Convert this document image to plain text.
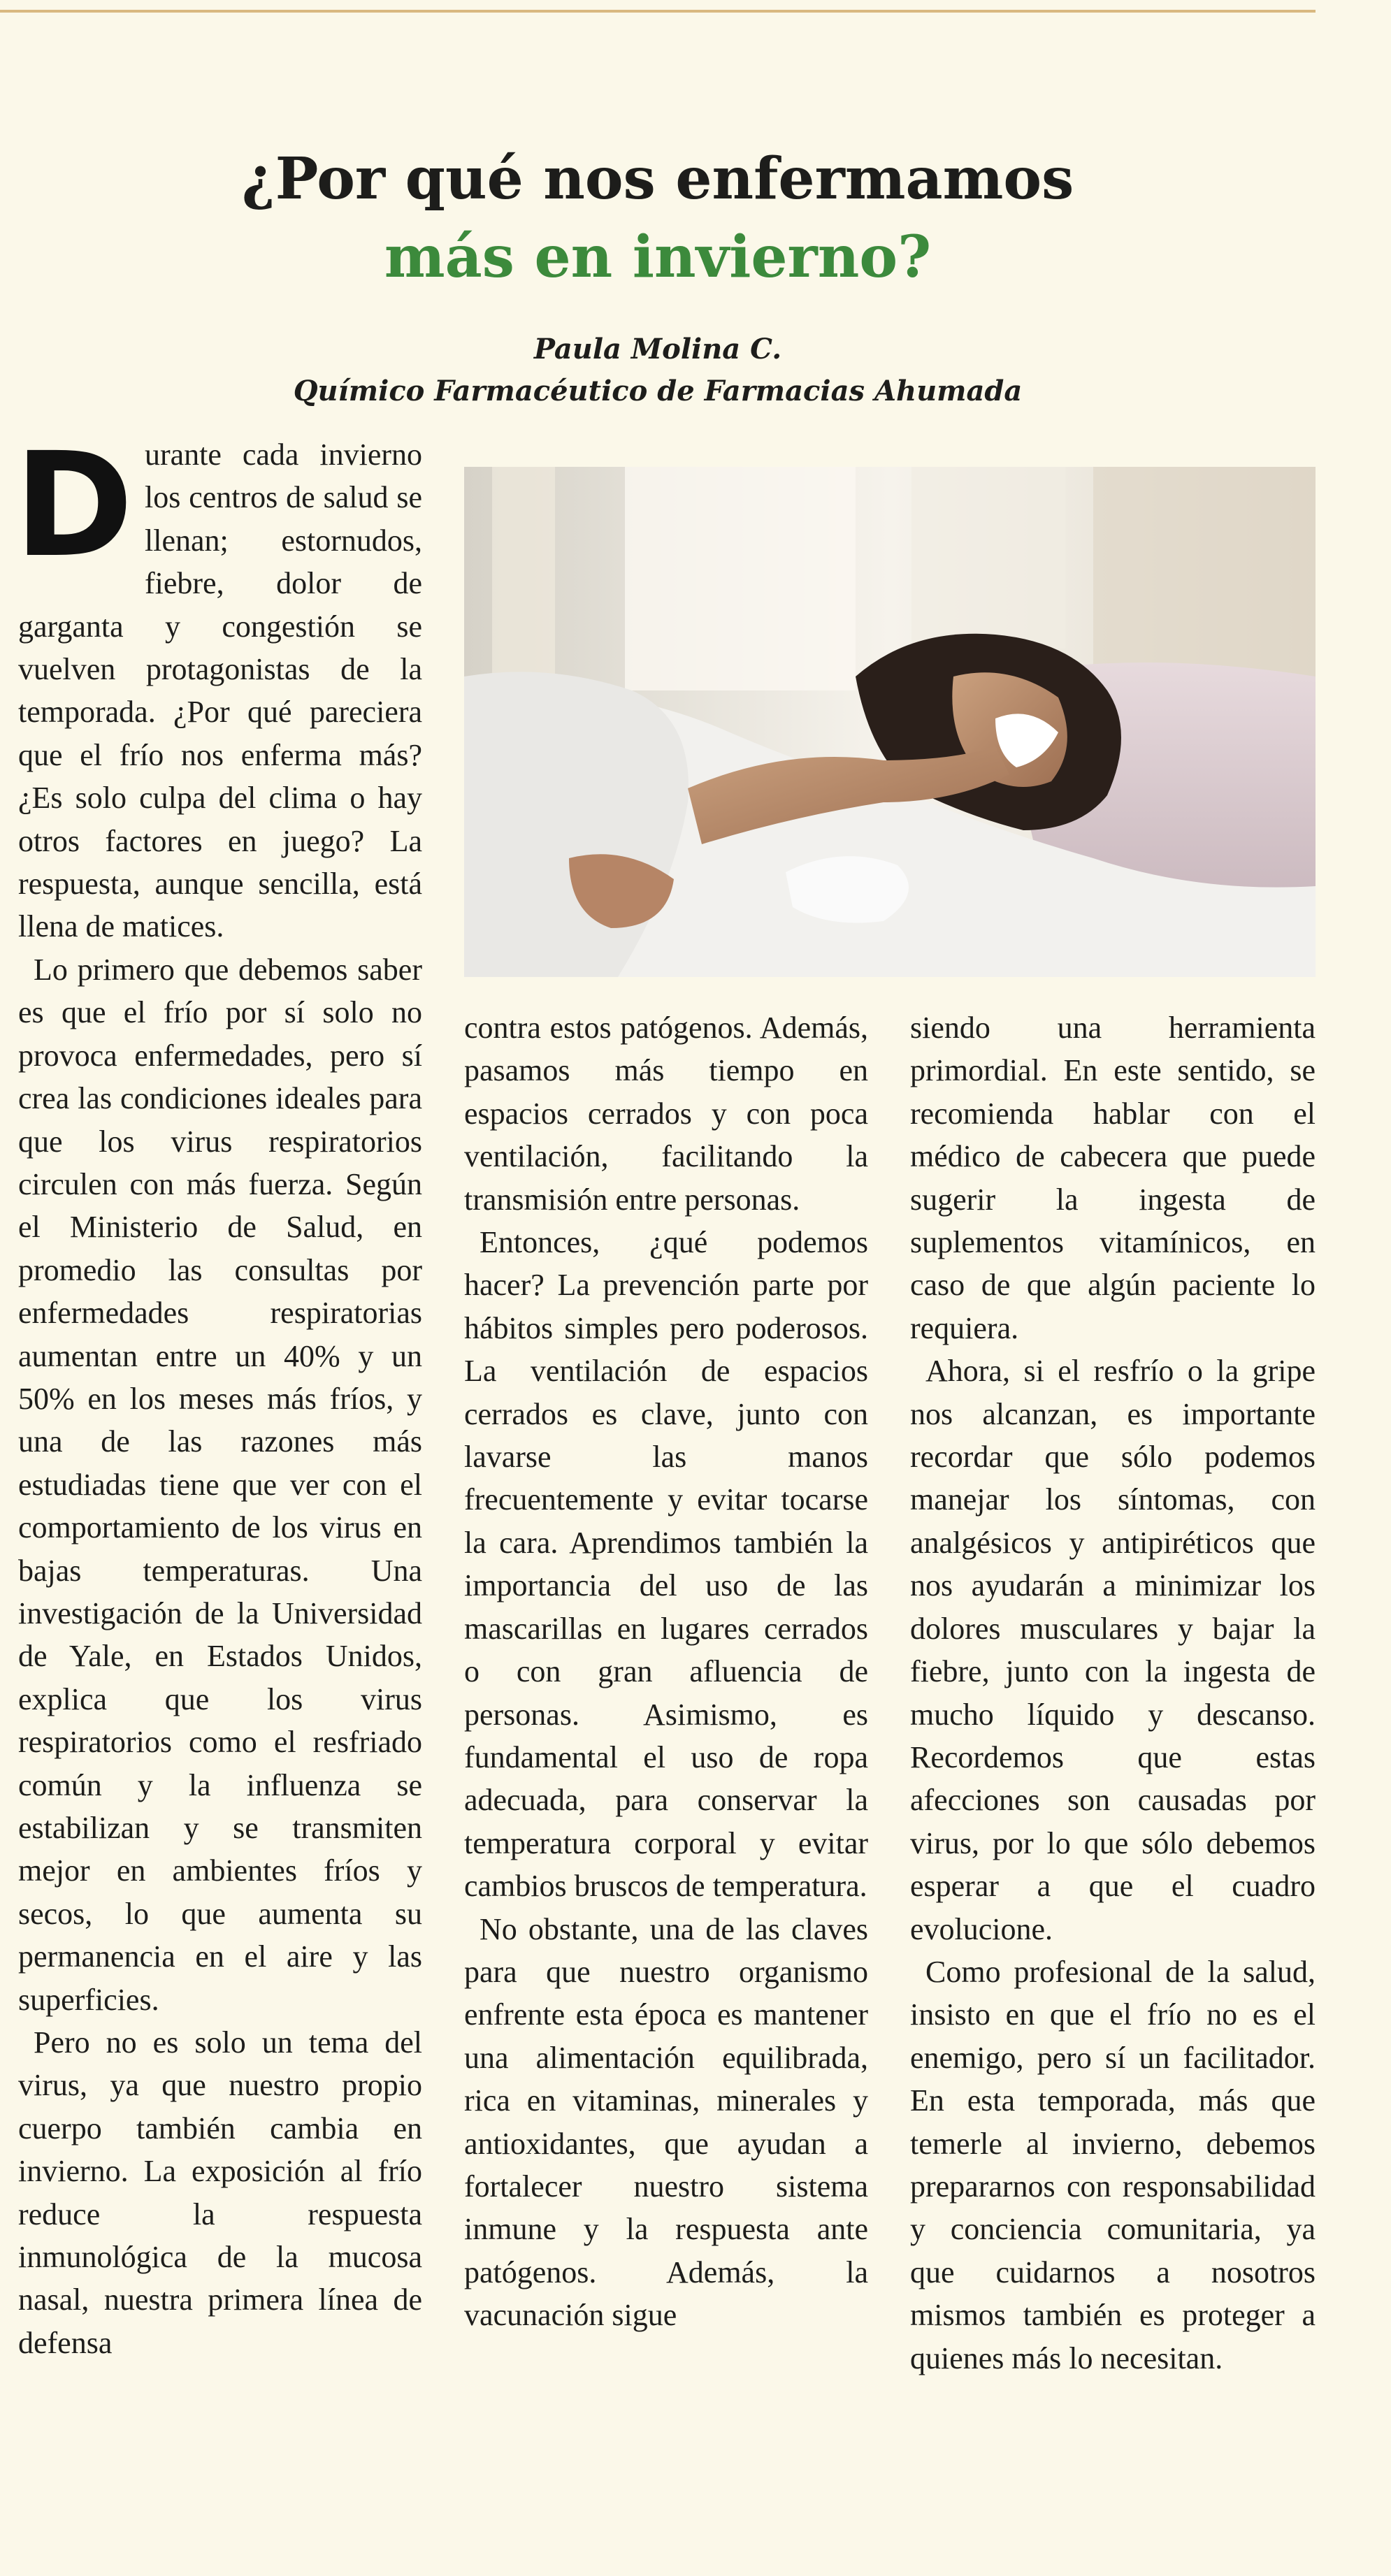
¿Por qué nos enfermamos
más en invierno?
Paula Molina C.
Químico Farmacéutico de Farmacias Ahumada

Durante cada invierno los centros de salud se llenan; estornudos, fiebre, dolor de garganta y congestión se vuelven protagonistas de la temporada. ¿Por qué pareciera que el frío nos enferma más? ¿Es solo culpa del clima o hay otros factores en juego? La respuesta, aunque sencilla, está llena de matices.

Lo primero que debemos saber es que el frío por sí solo no provoca enfermedades, pero sí crea las condiciones ideales para que los virus respiratorios circulen con más fuerza. Según el Ministerio de Salud, en promedio las consultas por enfermedades respiratorias aumentan entre un 40% y un 50% en los meses más fríos, y una de las razones más estudiadas tiene que ver con el comportamiento de los virus en bajas temperaturas. Una investigación de la Universidad de Yale, en Estados Unidos, explica que los virus respiratorios como el resfriado común y la influenza se estabilizan y se transmiten mejor en ambientes fríos y secos, lo que aumenta su permanencia en el aire y las superficies.

Pero no es solo un tema del virus, ya que nuestro propio cuerpo también cambia en invierno. La exposición al frío reduce la respuesta inmunológica de la mucosa nasal, nuestra primera línea de defensa

contra estos patógenos. Además, pasamos más tiempo en espacios cerrados y con poca ventilación, facilitando la transmisión entre personas.

Entonces, ¿qué podemos hacer? La prevención parte por hábitos simples pero poderosos. La ventilación de espacios cerrados es clave, junto con lavarse las manos frecuentemente y evitar tocarse la cara. Aprendimos también la importancia del uso de las mascarillas en lugares cerrados o con gran afluencia de personas. Asimismo, es fundamental el uso de ropa adecuada, para conservar la temperatura corporal y evitar cambios bruscos de temperatura.

No obstante, una de las claves para que nuestro organismo enfrente esta época es mantener una alimentación equilibrada, rica en vitaminas, minerales y antioxidantes, que ayudan a fortalecer nuestro sistema inmune y la respuesta ante patógenos. Además, la vacunación sigue

siendo una herramienta primordial. En este sentido, se recomienda hablar con el médico de cabecera que puede sugerir la ingesta de suplementos vitamínicos, en caso de que algún paciente lo requiera.

Ahora, si el resfrío o la gripe nos alcanzan, es importante recordar que sólo podemos manejar los síntomas, con analgésicos y antipiréticos que nos ayudarán a minimizar los dolores musculares y bajar la fiebre, junto con la ingesta de mucho líquido y descanso. Recordemos que estas afecciones son causadas por virus, por lo que sólo debemos esperar a que el cuadro evolucione.

Como profesional de la salud, insisto en que el frío no es el enemigo, pero sí un facilitador. En esta temporada, más que temerle al invierno, debemos prepararnos con responsabilidad y conciencia comunitaria, ya que cuidarnos a nosotros mismos también es proteger a quienes más lo necesitan.
